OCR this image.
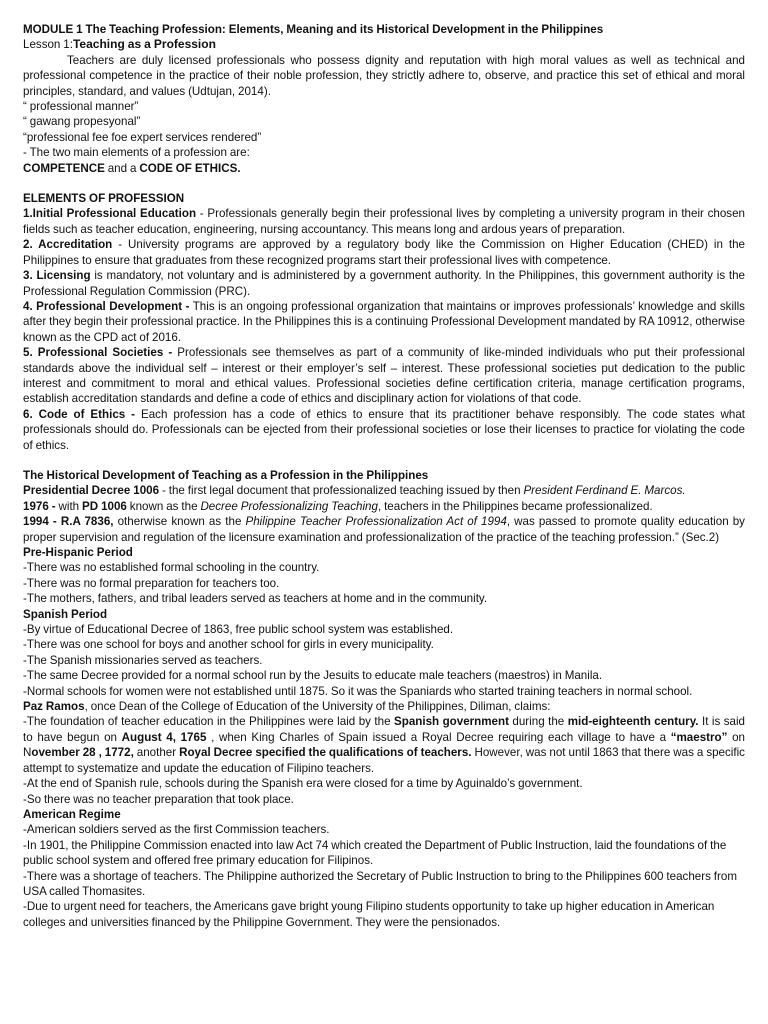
MODULE 1 The Teaching Profession: Elements, Meaning and its Historical Development in the Philippines
Lesson 1:Teaching as a Profession
Teachers are duly licensed professionals who possess dignity and reputation with high moral values as well as technical and professional competence in the practice of their noble profession, they strictly adhere to, observe, and practice this set of ethical and moral principles, standard, and values (Udtujan, 2014).
“ professional manner”
“ gawang propesyonal”
“professional fee foe expert services rendered”
- The two main elements of a profession are:
COMPETENCE and a CODE OF ETHICS.
ELEMENTS OF PROFESSION
1.Initial Professional Education - Professionals generally begin their professional lives by completing a university program in their chosen fields such as teacher education, engineering, nursing accountancy. This means long and ardous years of preparation.
2. Accreditation - University programs are approved by a regulatory body like the Commission on Higher Education (CHED) in the Philippines to ensure that graduates from these recognized programs start their professional lives with competence.
3. Licensing is mandatory, not voluntary and is administered by a government authority. In the Philippines, this government authority is the Professional Regulation Commission (PRC).
4. Professional Development - This is an ongoing professional organization that maintains or improves professionals’ knowledge and skills after they begin their professional practice. In the Philippines this is a continuing Professional Development mandated by RA 10912, otherwise known as the CPD act of 2016.
5. Professional Societies - Professionals see themselves as part of a community of like-minded individuals who put their professional standards above the individual self – interest or their employer’s self – interest. These professional societies put dedication to the public interest and commitment to moral and ethical values. Professional societies define certification criteria, manage certification programs, establish accreditation standards and define a code of ethics and disciplinary action for violations of that code.
6. Code of Ethics - Each profession has a code of ethics to ensure that its practitioner behave responsibly. The code states what professionals should do. Professionals can be ejected from their professional societies or lose their licenses to practice for violating the code of ethics.
The Historical Development of Teaching as a Profession in the Philippines
Presidential Decree 1006 - the first legal document that professionalized teaching issued by then President Ferdinand E. Marcos.
1976 - with PD 1006 known as the Decree Professionalizing Teaching, teachers in the Philippines became professionalized.
1994 - R.A 7836, otherwise known as the Philippine Teacher Professionalization Act of 1994, was passed to promote quality education by proper supervision and regulation of the licensure examination and professionalization of the practice of the teaching profession.” (Sec.2)
Pre-Hispanic Period
-There was no established formal schooling in the country.
-There was no formal preparation for teachers too.
-The mothers, fathers, and tribal leaders served as teachers at home and in the community.
Spanish Period
-By virtue of Educational Decree of 1863, free public school system was established.
-There was one school for boys and another school for girls in every municipality.
-The Spanish missionaries served as teachers.
-The same Decree provided for a normal school run by the Jesuits to educate male teachers (maestros) in Manila.
-Normal schools for women were not established until 1875. So it was the Spaniards who started training teachers in normal school.
Paz Ramos, once Dean of the College of Education of the University of the Philippines, Diliman, claims:
-The foundation of teacher education in the Philippines were laid by the Spanish government during the mid-eighteenth century. It is said to have begun on August 4, 1765 , when King Charles of Spain issued a Royal Decree requiring each village to have a “maestro” on November 28 , 1772, another Royal Decree specified the qualifications of teachers. However, was not until 1863 that there was a specific attempt to systematize and update the education of Filipino teachers.
-At the end of Spanish rule, schools during the Spanish era were closed for a time by Aguinaldo’s government.
-So there was no teacher preparation that took place.
American Regime
-American soldiers served as the first Commission teachers.
-In 1901, the Philippine Commission enacted into law Act 74 which created the Department of Public Instruction, laid the foundations of the public school system and offered free primary education for Filipinos.
-There was a shortage of teachers. The Philippine authorized the Secretary of Public Instruction to bring to the Philippines 600 teachers from USA called Thomasites.
-Due to urgent need for teachers, the Americans gave bright young Filipino students opportunity to take up higher education in American colleges and universities financed by the Philippine Government. They were the pensionados.
